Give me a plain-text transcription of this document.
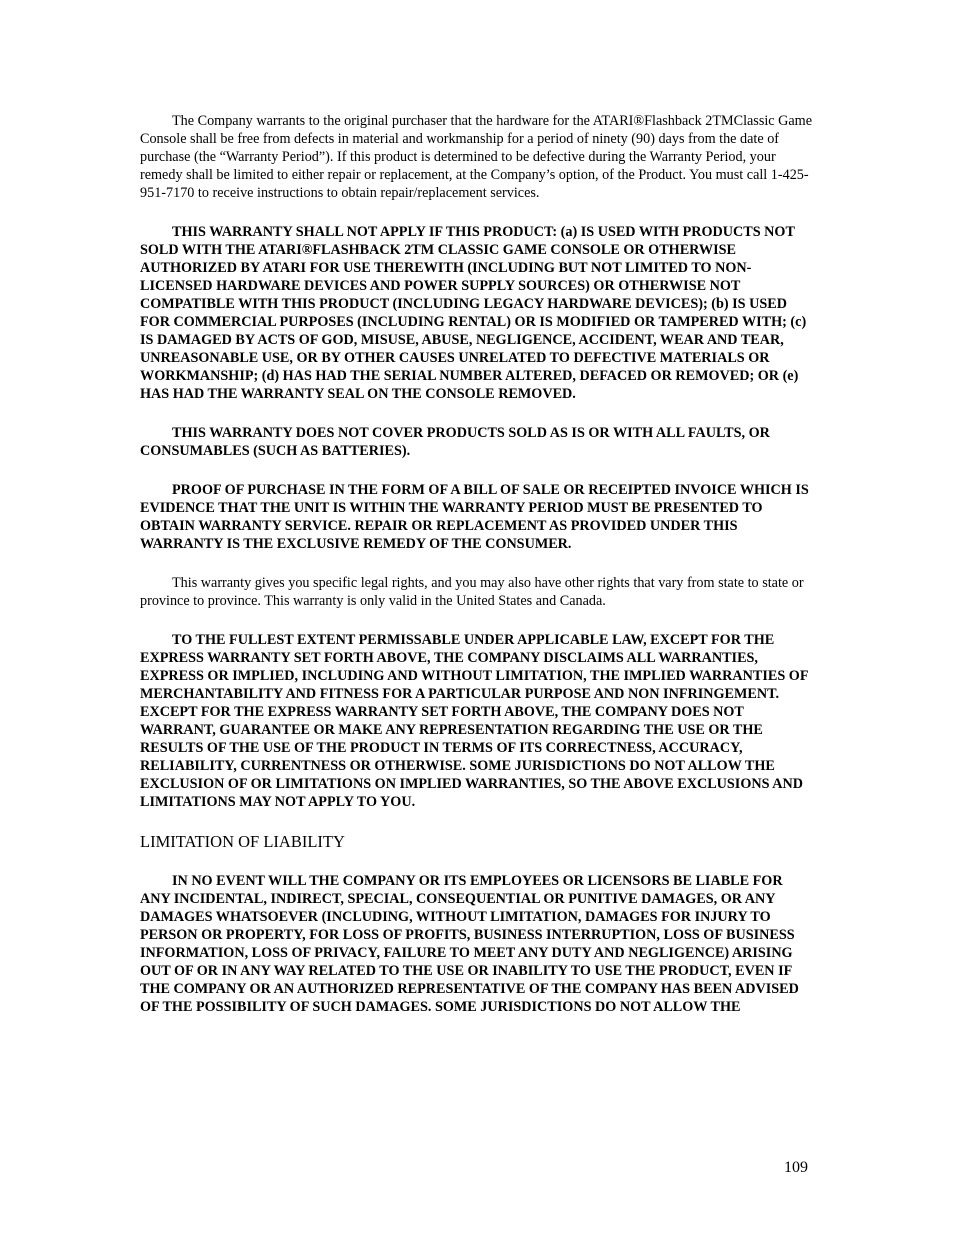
The Company warrants to the original purchaser that the hardware for the ATARI®Flashback 2TMClassic Game Console shall be free from defects in material and workmanship for a period of ninety (90) days from the date of purchase (the “Warranty Period”). If this product is determined to be defective during the Warranty Period, your remedy shall be limited to either repair or replacement, at the Company’s option, of the Product. You must call 1-425-951-7170 to receive instructions to obtain repair/replacement services.

THIS WARRANTY SHALL NOT APPLY IF THIS PRODUCT: (a) IS USED WITH PRODUCTS NOT SOLD WITH THE ATARI®FLASHBACK 2TM CLASSIC GAME CONSOLE OR OTHERWISE AUTHORIZED BY ATARI FOR USE THEREWITH (INCLUDING BUT NOT LIMITED TO NON-LICENSED HARDWARE DEVICES AND POWER SUPPLY SOURCES) OR OTHERWISE NOT COMPATIBLE WITH THIS PRODUCT (INCLUDING LEGACY HARDWARE DEVICES); (b) IS USED FOR COMMERCIAL PURPOSES (INCLUDING RENTAL) OR IS MODIFIED OR TAMPERED WITH; (c) IS DAMAGED BY ACTS OF GOD, MISUSE, ABUSE, NEGLIGENCE, ACCIDENT, WEAR AND TEAR, UNREASONABLE USE, OR BY OTHER CAUSES UNRELATED TO DEFECTIVE MATERIALS OR WORKMANSHIP; (d) HAS HAD THE SERIAL NUMBER ALTERED, DEFACED OR REMOVED; OR (e) HAS HAD THE WARRANTY SEAL ON THE CONSOLE REMOVED.

THIS WARRANTY DOES NOT COVER PRODUCTS SOLD AS IS OR WITH ALL FAULTS, OR CONSUMABLES (SUCH AS BATTERIES).

PROOF OF PURCHASE IN THE FORM OF A BILL OF SALE OR RECEIPTED INVOICE WHICH IS EVIDENCE THAT THE UNIT IS WITHIN THE WARRANTY PERIOD MUST BE PRESENTED TO OBTAIN WARRANTY SERVICE. REPAIR OR REPLACEMENT AS PROVIDED UNDER THIS WARRANTY IS THE EXCLUSIVE REMEDY OF THE CONSUMER.

This warranty gives you specific legal rights, and you may also have other rights that vary from state to state or province to province. This warranty is only valid in the United States and Canada.

TO THE FULLEST EXTENT PERMISSABLE UNDER APPLICABLE LAW, EXCEPT FOR THE EXPRESS WARRANTY SET FORTH ABOVE, THE COMPANY DISCLAIMS ALL WARRANTIES, EXPRESS OR IMPLIED, INCLUDING AND WITHOUT LIMITATION, THE IMPLIED WARRANTIES OF MERCHANTABILITY AND FITNESS FOR A PARTICULAR PURPOSE AND NON INFRINGEMENT. EXCEPT FOR THE EXPRESS WARRANTY SET FORTH ABOVE, THE COMPANY DOES NOT WARRANT, GUARANTEE OR MAKE ANY REPRESENTATION REGARDING THE USE OR THE RESULTS OF THE USE OF THE PRODUCT IN TERMS OF ITS CORRECTNESS, ACCURACY, RELIABILITY, CURRENTNESS OR OTHERWISE. SOME JURISDICTIONS DO NOT ALLOW THE EXCLUSION OF OR LIMITATIONS ON IMPLIED WARRANTIES, SO THE ABOVE EXCLUSIONS AND LIMITATIONS MAY NOT APPLY TO YOU.

LIMITATION OF LIABILITY

IN NO EVENT WILL THE COMPANY OR ITS EMPLOYEES OR LICENSORS BE LIABLE FOR ANY INCIDENTAL, INDIRECT, SPECIAL, CONSEQUENTIAL OR PUNITIVE DAMAGES, OR ANY DAMAGES WHATSOEVER (INCLUDING, WITHOUT LIMITATION, DAMAGES FOR INJURY TO PERSON OR PROPERTY, FOR LOSS OF PROFITS, BUSINESS INTERRUPTION, LOSS OF BUSINESS INFORMATION, LOSS OF PRIVACY, FAILURE TO MEET ANY DUTY AND NEGLIGENCE) ARISING OUT OF OR IN ANY WAY RELATED TO THE USE OR INABILITY TO USE THE PRODUCT, EVEN IF THE COMPANY OR AN AUTHORIZED REPRESENTATIVE OF THE COMPANY HAS BEEN ADVISED OF THE POSSIBILITY OF SUCH DAMAGES. SOME JURISDICTIONS DO NOT ALLOW THE

109
